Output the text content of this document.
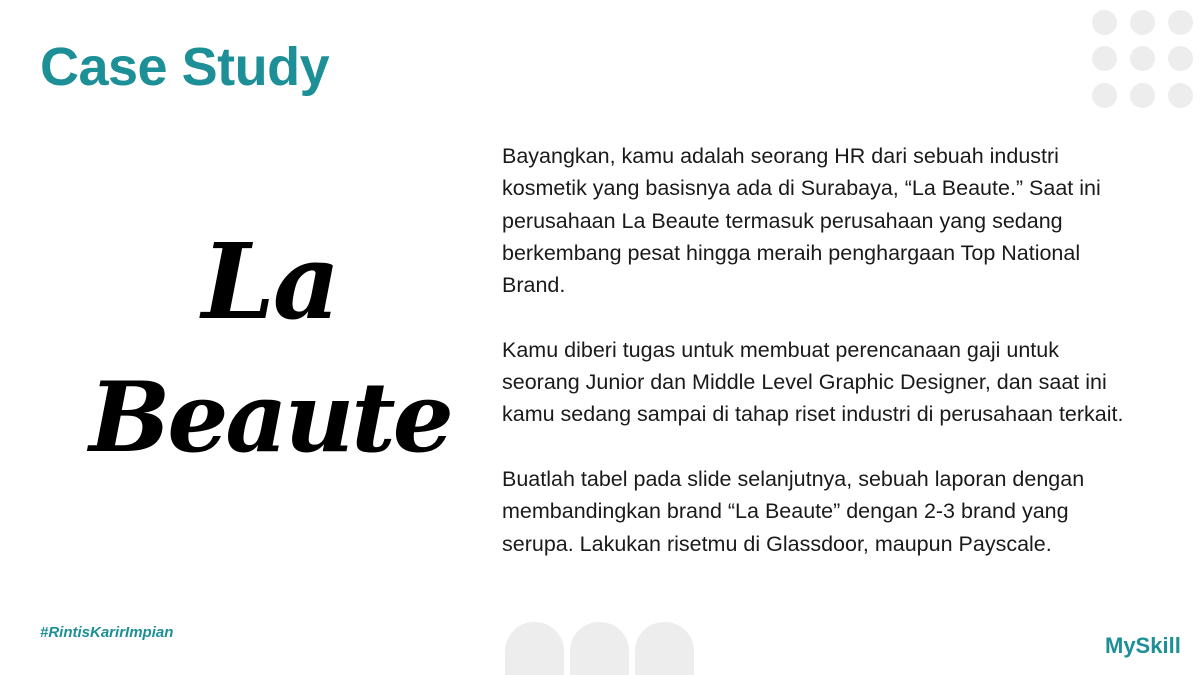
Case Study
La
Beaute

Bayangkan, kamu adalah seorang HR dari sebuah industri kosmetik yang basisnya ada di Surabaya, “La Beaute.” Saat ini perusahaan La Beaute termasuk perusahaan yang sedang berkembang pesat hingga meraih penghargaan Top National Brand.

Kamu diberi tugas untuk membuat perencanaan gaji untuk seorang Junior dan Middle Level Graphic Designer, dan saat ini kamu sedang sampai di tahap riset industri di perusahaan terkait.

Buatlah tabel pada slide selanjutnya, sebuah laporan dengan membandingkan brand “La Beaute” dengan 2-3 brand yang serupa. Lakukan risetmu di Glassdoor, maupun Payscale.

#RintisKarirImpian
MySkill
